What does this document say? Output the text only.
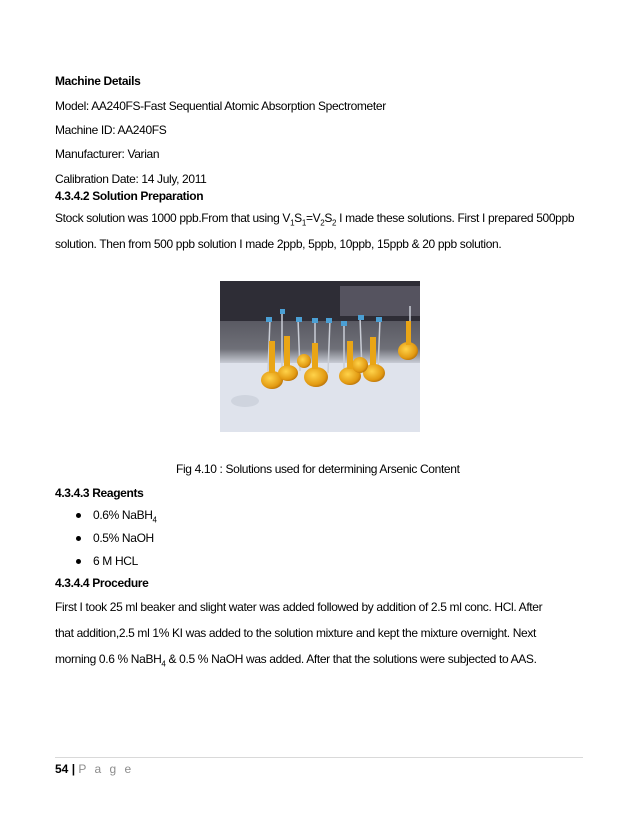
Machine Details
Model: AA240FS-Fast Sequential Atomic Absorption Spectrometer
Machine ID: AA240FS
Manufacturer: Varian
Calibration Date: 14 July, 2011
4.3.4.2 Solution Preparation
Stock solution was 1000 ppb.From that using $V_1S_1=V_2S_2$ I made these solutions. First I prepared 500ppb
solution. Then from 500 ppb solution I made 2ppb, 5ppb, 10ppb, 15ppb & 20 ppb solution.
Fig 4.10 : Solutions used for determining Arsenic Content
4.3.4.3 Reagents
0.6% NaBH$_4$
0.5% NaOH
6 M HCL
4.3.4.4 Procedure
First I took 25 ml beaker and slight water was added followed by addition of 2.5 ml conc. HCl. After
that addition,2.5 ml 1% KI was added to the solution mixture and kept the mixture overnight. Next
morning 0.6 % NaBH$_4$ & 0.5 % NaOH was added. After that the solutions were subjected to AAS.
54 | P a g e
